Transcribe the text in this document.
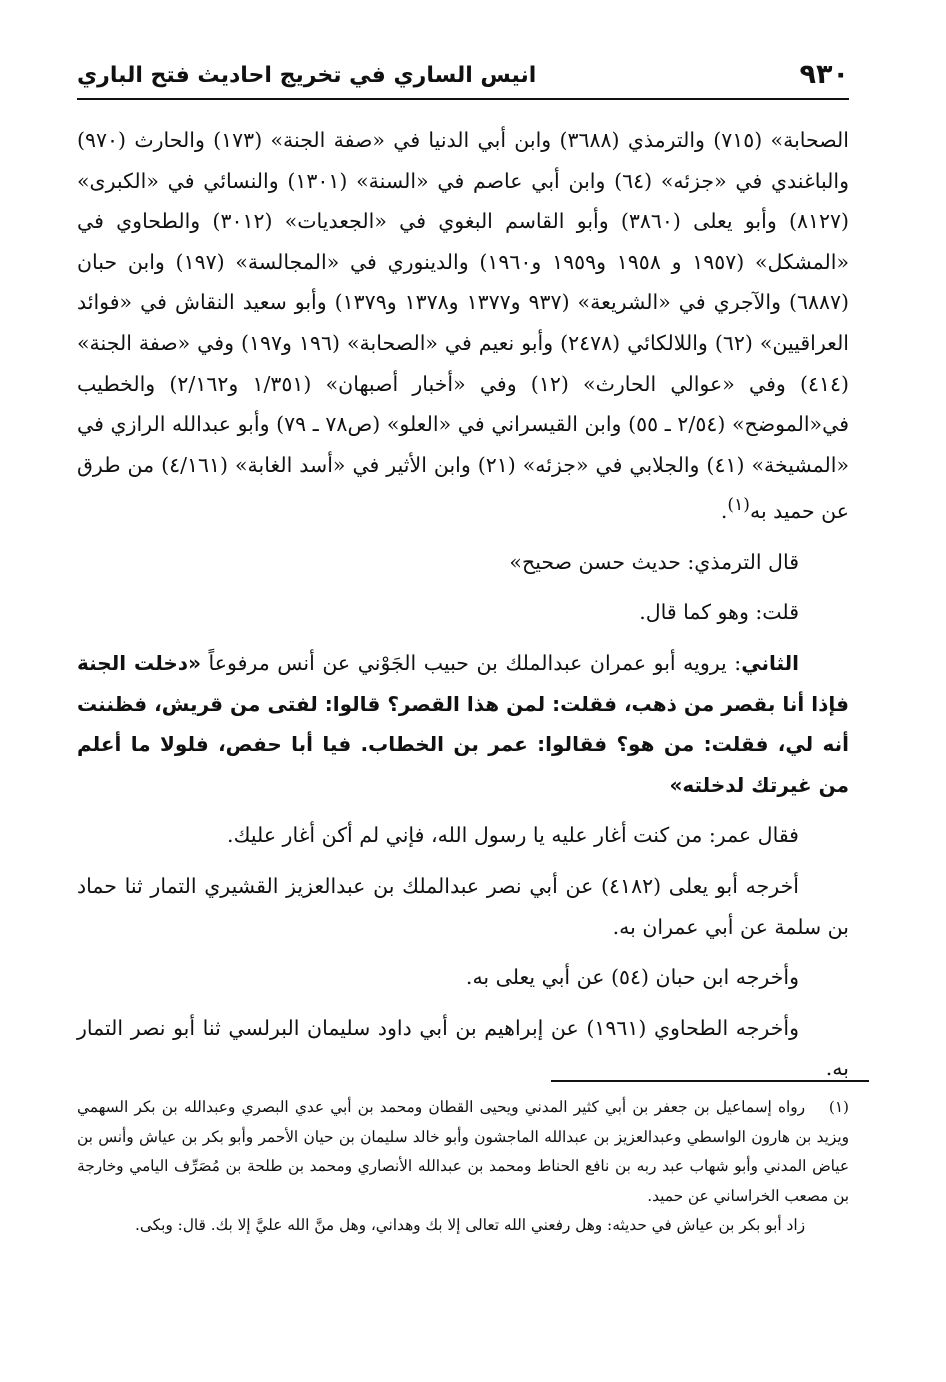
٩٣٠
انيس الساري في تخريج احاديث فتح الباري

الصحابة» (٧١٥) والترمذي (٣٦٨٨) وابن أبي الدنيا في «صفة الجنة» (١٧٣) والحارث (٩٧٠) والباغندي في «جزئه» (٦٤) وابن أبي عاصم في «السنة» (١٣٠١) والنسائي في «الكبرى» (٨١٢٧) وأبو يعلى (٣٨٦٠) وأبو القاسم البغوي في «الجعديات» (٣٠١٢) والطحاوي في «المشكل» (١٩٥٧ و ١٩٥٨ و١٩٥٩ و١٩٦٠) والدينوري في «المجالسة» (١٩٧) وابن حبان (٦٨٨٧) والآجري في «الشريعة» (٩٣٧ و١٣٧٧ و١٣٧٨ و١٣٧٩) وأبو سعيد النقاش في «فوائد العراقيين» (٦٢) واللالكائي (٢٤٧٨) وأبو نعيم في «الصحابة» (١٩٦ و١٩٧) وفي «صفة الجنة» (٤١٤) وفي «عوالي الحارث» (١٢) وفي «أخبار أصبهان» (١/٣٥١ و٢/١٦٢) والخطيب في«الموضح» (٢/٥٤ ـ ٥٥) وابن القيسراني في «العلو» (ص٧٨ ـ ٧٩) وأبو عبدالله الرازي في «المشيخة» (٤١) والجلابي في «جزئه» (٢١) وابن الأثير في «أسد الغابة» (٤/١٦١) من طرق عن حميد به$^{(١)}$.

قال الترمذي: حديث حسن صحيح»

قلت: وهو كما قال.

الثاني: يرويه أبو عمران عبدالملك بن حبيب الجَوْني عن أنس مرفوعاً «دخلت الجنة فإذا أنا بقصر من ذهب، فقلت: لمن هذا القصر؟ قالوا: لفتى من قريش، فظننت أنه لي، فقلت: من هو؟ فقالوا: عمر بن الخطاب. فيا أبا حفص، فلولا ما أعلم من غيرتك لدخلته»

فقال عمر: من كنت أغار عليه يا رسول الله، فإني لم أكن أغار عليك.

أخرجه أبو يعلى (٤١٨٢) عن أبي نصر عبدالملك بن عبدالعزيز القشيري التمار ثنا حماد بن سلمة عن أبي عمران به.

وأخرجه ابن حبان (٥٤) عن أبي يعلى به.

وأخرجه الطحاوي (١٩٦١) عن إبراهيم بن أبي داود سليمان البرلسي ثنا أبو نصر التمار به.

(١)رواه إسماعيل بن جعفر بن أبي كثير المدني ويحيى القطان ومحمد بن أبي عدي البصري وعبدالله بن بكر السهمي ويزيد بن هارون الواسطي وعبدالعزيز بن عبدالله الماجشون وأبو خالد سليمان بن حيان الأحمر وأبو بكر بن عياش وأنس بن عياض المدني وأبو شهاب عبد ربه بن نافع الحناط ومحمد بن عبدالله الأنصاري ومحمد بن طلحة بن مُصَرِّف اليامي وخارجة بن مصعب الخراساني عن حميد.

زاد أبو بكر بن عياش في حديثه: وهل رفعني الله تعالى إلا بك وهداني، وهل منَّ الله عليَّ إلا بك. قال: وبكى.
